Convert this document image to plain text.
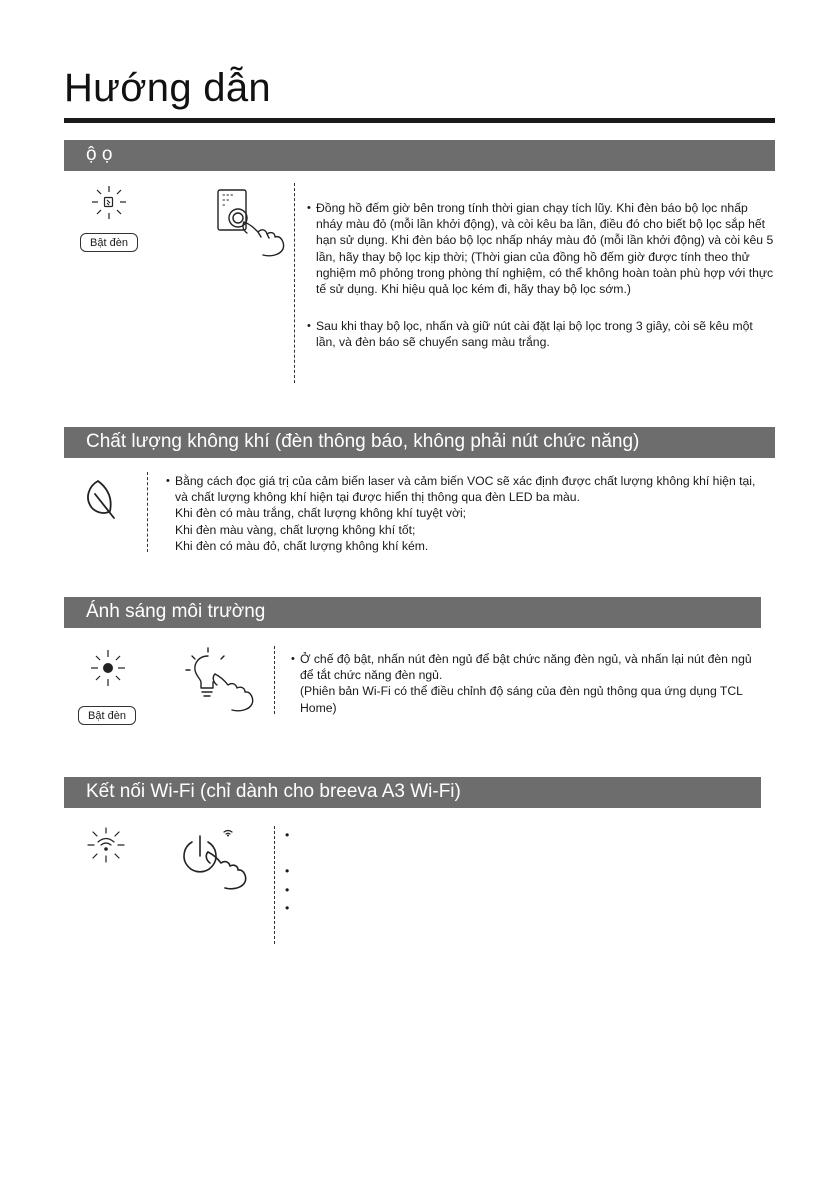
Hướng dẫn
ộ ọ
Bật đèn
• Đồng hồ đếm giờ bên trong tính thời gian chạy tích lũy. Khi đèn báo bộ lọc nhấp nháy màu đỏ (mỗi lần khởi động), và còi kêu ba lần, điều đó cho biết bộ lọc sắp hết hạn sử dụng. Khi đèn báo bộ lọc nhấp nháy màu đỏ (mỗi lần khởi động) và còi kêu 5 lần, hãy thay bộ lọc kịp thời; (Thời gian của đồng hồ đếm giờ được tính theo thử nghiệm mô phỏng trong phòng thí nghiệm, có thể không hoàn toàn phù hợp với thực tế sử dụng. Khi hiệu quả lọc kém đi, hãy thay bộ lọc sớm.)
• Sau khi thay bộ lọc, nhấn và giữ nút cài đặt lại bộ lọc trong 3 giây, còi sẽ kêu một lần, và đèn báo sẽ chuyển sang màu trắng.
Chất lượng không khí (đèn thông báo, không phải nút chức năng)
• Bằng cách đọc giá trị của cảm biến laser và cảm biến VOC sẽ xác định được chất lượng không khí hiện tại, và chất lượng không khí hiện tại được hiển thị thông qua đèn LED ba màu.
Khi đèn có màu trắng, chất lượng không khí tuyệt vời;
Khi đèn màu vàng, chất lượng không khí tốt;
Khi đèn có màu đỏ, chất lượng không khí kém.
Ánh sáng môi trường
Bật đèn
• Ở chế độ bật, nhấn nút đèn ngủ để bật chức năng đèn ngủ, và nhấn lại nút đèn ngủ để tắt chức năng đèn ngủ.
(Phiên bản Wi-Fi có thể điều chỉnh độ sáng của đèn ngủ thông qua ứng dụng TCL Home)
Kết nối Wi-Fi (chỉ dành cho breeva A3 Wi-Fi)
•
•
•
•
